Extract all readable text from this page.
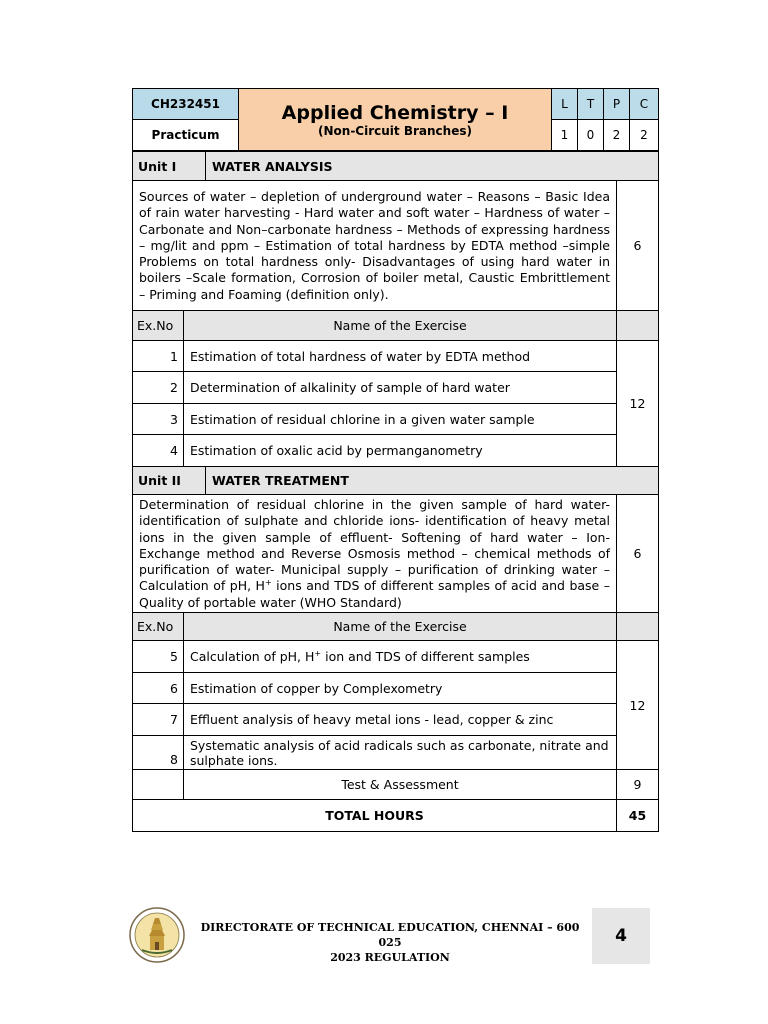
CH232451	Applied Chemistry – I
(Non-Circuit Branches)	L	T	P	C
Practicum		1	0	2	2
Unit I		WATER ANALYSIS	
Sources of water – depletion of underground water – Reasons – Basic Idea of rain water harvesting - Hard water and soft water – Hardness of water – Carbonate and Non–carbonate hardness – Methods of expressing hardness – mg/lit and ppm – Estimation of total hardness by EDTA method –simple Problems on total hardness only- Disadvantages of using hard water in boilers –Scale formation, Corrosion of boiler metal, Caustic Embrittlement – Priming and Foaming (definition only).			6
Ex.No	Name of the Exercise		
1	Estimation of total hardness of water by EDTA method		12
2	Determination of alkalinity of sample of hard water		
3	Estimation of residual chlorine in a given water sample		
4	Estimation of oxalic acid by permanganometry		
Unit II		WATER TREATMENT	
Determination of residual chlorine in the given sample of hard water- identification of sulphate and chloride ions- identification of heavy metal ions in the given sample of effluent- Softening of hard water – Ion-Exchange method and Reverse Osmosis method – chemical methods of purification of water- Municipal supply – purification of drinking water – Calculation of pH, H+ ions and TDS of different samples of acid and base – Quality of portable water (WHO Standard)			6
Ex.No	Name of the Exercise		
5	Calculation of pH, H+ ion and TDS of different samples		12
6	Estimation of copper by Complexometry		
7	Effluent analysis of heavy metal ions - lead, copper & zinc		
8	Systematic analysis of acid radicals such as carbonate, nitrate and sulphate ions.		
	Test & Assessment		9
TOTAL HOURS			45
DIRECTORATE OF TECHNICAL EDUCATION, CHENNAI – 600 025
2023 REGULATION
4
